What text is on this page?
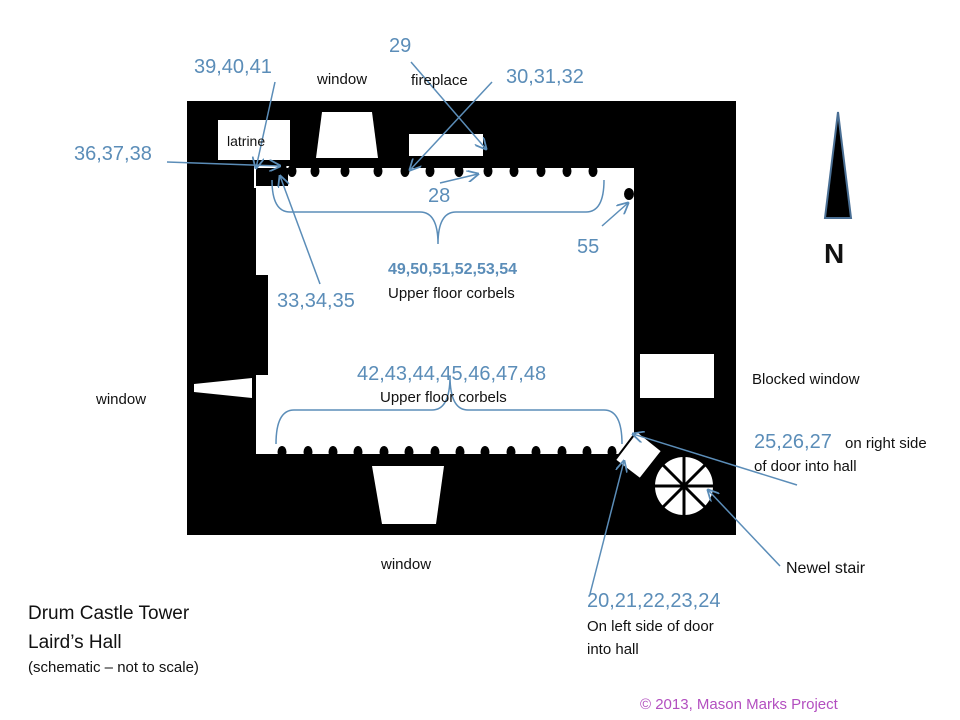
window	fireplace
latrine
window
window
Blocked window
N
Newel stair
29
39,40,41	30,31,32
36,37,38
28
55
33,34,35
49,50,51,52,53,54
Upper floor corbels
42,43,44,45,46,47,48
Upper floor corbels
25,26,27 on right side
of door into hall
20,21,22,23,24
On left side of door
into hall
Drum Castle Tower
Laird’s Hall
(schematic – not to scale)
© 2013, Mason Marks Project
